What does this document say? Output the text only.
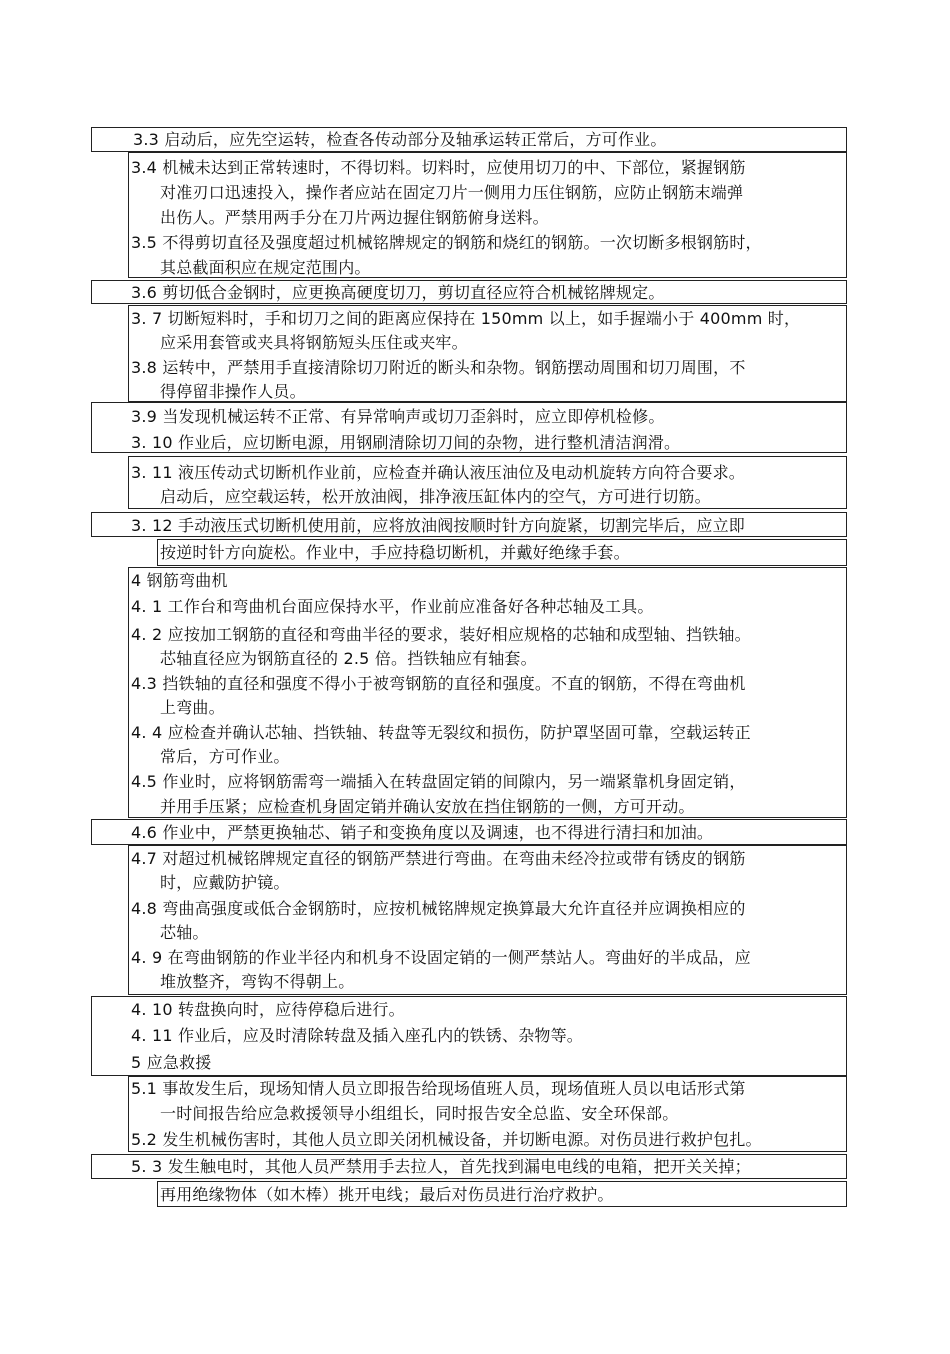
3.3 启动后，应先空运转，检查各传动部分及轴承运转正常后，方可作业。
3.4 机械未达到正常转速时，不得切料。切料时，应使用切刀的中、下部位，紧握钢筋
对准刃口迅速投入，操作者应站在固定刀片一侧用力压住钢筋，应防止钢筋末端弹
出伤人。严禁用两手分在刀片两边握住钢筋俯身送料。
3.5 不得剪切直径及强度超过机械铭牌规定的钢筋和烧红的钢筋。一次切断多根钢筋时，
其总截面积应在规定范围内。
3.6 剪切低合金钢时，应更换高硬度切刀，剪切直径应符合机械铭牌规定。
3. 7 切断短料时，手和切刀之间的距离应保持在 150mm 以上，如手握端小于 400mm 时，
应采用套管或夹具将钢筋短头压住或夹牢。
3.8 运转中，严禁用手直接清除切刀附近的断头和杂物。钢筋摆动周围和切刀周围，不
得停留非操作人员。
3.9 当发现机械运转不正常、有异常响声或切刀歪斜时，应立即停机检修。
3. 10 作业后，应切断电源，用钢刷清除切刀间的杂物，进行整机清洁润滑。
3. 11 液压传动式切断机作业前，应检查并确认液压油位及电动机旋转方向符合要求。
启动后，应空载运转，松开放油阀，排净液压缸体内的空气，方可进行切筋。
3. 12 手动液压式切断机使用前，应将放油阀按顺时针方向旋紧，切割完毕后，应立即
按逆时针方向旋松。作业中，手应持稳切断机，并戴好绝缘手套。
4 钢筋弯曲机
4. 1 工作台和弯曲机台面应保持水平，作业前应准备好各种芯轴及工具。
4. 2 应按加工钢筋的直径和弯曲半径的要求，装好相应规格的芯轴和成型轴、挡铁轴。
芯轴直径应为钢筋直径的 2.5 倍。挡铁轴应有轴套。
4.3 挡铁轴的直径和强度不得小于被弯钢筋的直径和强度。不直的钢筋，不得在弯曲机
上弯曲。
4. 4 应检查并确认芯轴、挡铁轴、转盘等无裂纹和损伤，防护罩坚固可靠，空载运转正
常后，方可作业。
4.5 作业时，应将钢筋需弯一端插入在转盘固定销的间隙内，另一端紧靠机身固定销，
并用手压紧；应检查机身固定销并确认安放在挡住钢筋的一侧，方可开动。
4.6 作业中，严禁更换轴芯、销子和变换角度以及调速，也不得进行清扫和加油。
4.7 对超过机械铭牌规定直径的钢筋严禁进行弯曲。在弯曲未经冷拉或带有锈皮的钢筋
时，应戴防护镜。
4.8 弯曲高强度或低合金钢筋时，应按机械铭牌规定换算最大允许直径并应调换相应的
芯轴。
4. 9 在弯曲钢筋的作业半径内和机身不设固定销的一侧严禁站人。弯曲好的半成品，应
堆放整齐，弯钩不得朝上。
4. 10 转盘换向时，应待停稳后进行。
4. 11 作业后，应及时清除转盘及插入座孔内的铁锈、杂物等。
5 应急救援
5.1 事故发生后，现场知情人员立即报告给现场值班人员，现场值班人员以电话形式第
一时间报告给应急救援领导小组组长，同时报告安全总监、安全环保部。
5.2 发生机械伤害时，其他人员立即关闭机械设备，并切断电源。对伤员进行救护包扎。
5. 3 发生触电时，其他人员严禁用手去拉人，首先找到漏电电线的电箱，把开关关掉；
再用绝缘物体（如木棒）挑开电线；最后对伤员进行治疗救护。
